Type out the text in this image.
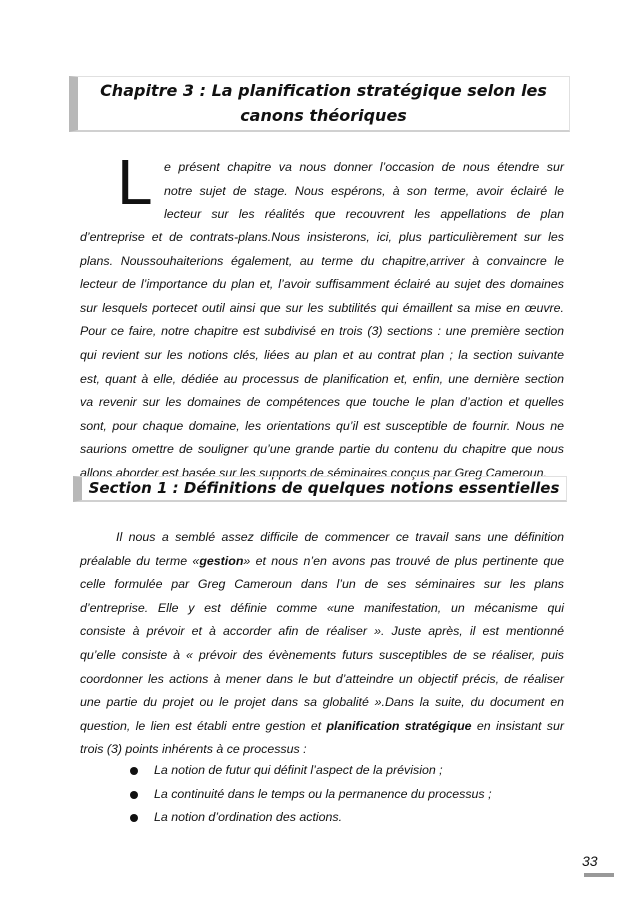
Chapitre 3 : La planification stratégique selon les
canons théoriques
L e présent chapitre va nous donner l’occasion de nous étendre sur
notre sujet de stage. Nous espérons, à son terme, avoir éclairé le
lecteur sur les réalités que recouvrent les appellations de plan

d’entreprise et de contrats-plans.Nous insisterons, ici, plus particulièrement sur les
plans. Noussouhaiterions également, au terme du chapitre,arriver à convaincre le
lecteur de l’importance du plan et, l’avoir suffisamment éclairé au sujet des domaines
sur lesquels portecet outil ainsi que sur les subtilités qui émaillent sa mise en œuvre.
Pour ce faire, notre chapitre est subdivisé en trois (3) sections : une première section
qui revient sur les notions clés, liées au plan et au contrat plan ; la section suivante
est, quant à elle, dédiée au processus de planification et, enfin, une dernière section
va revenir sur les domaines de compétences que touche le plan d’action et quelles
sont, pour chaque domaine, les orientations qu’il est susceptible de fournir. Nous ne
saurions omettre de souligner qu’une grande partie du contenu du chapitre que nous
allons aborder est basée sur les supports de séminaires conçus par Greg Cameroun.

Section 1 : Définitions de quelques notions essentielles

Il nous a semblé assez difficile de commencer ce travail sans une définition
préalable du terme «gestion» et nous n’en avons pas trouvé de plus pertinente que
celle formulée par Greg Cameroun dans l’un de ses séminaires sur les plans
d’entreprise. Elle y est définie comme «une manifestation, un mécanisme qui
consiste à prévoir et à accorder afin de réaliser ». Juste après, il est mentionné
qu’elle consiste à « prévoir des évènements futurs susceptibles de se réaliser, puis
coordonner les actions à mener dans le but d’atteindre un objectif précis, de réaliser
une partie du projet ou le projet dans sa globalité ».Dans la suite, du document en
question, le lien est établi entre gestion et planification stratégique en insistant sur
trois (3) points inhérents à ce processus :

La notion de futur qui définit l’aspect de la prévision ;
La continuité dans le temps ou la permanence du processus ;
La notion d’ordination des actions.
33
